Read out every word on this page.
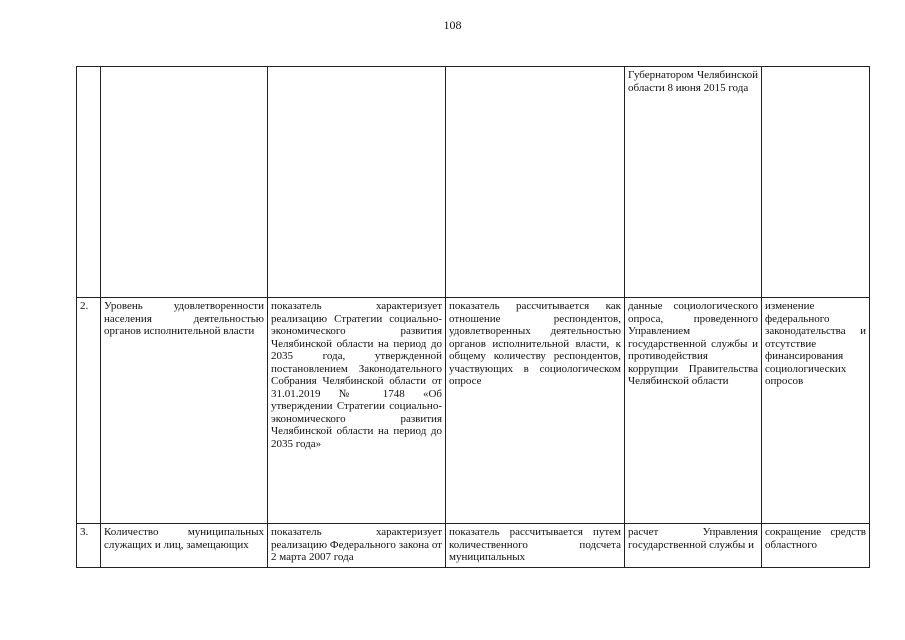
108
				Губернатором Челябинской области 8 июня 2015 года	
2.	Уровень удовлетворенности населения деятельностью органов исполнительной власти	показатель характеризует реализацию Стратегии социально-экономического развития Челябинской области на период до 2035 года, утвержденной постановлением Законодательного Собрания Челябинской области от 31.01.2019 № 1748 «Об утверждении Стратегии социально-экономического развития Челябинской области на период до 2035 года»	показатель рассчитывается как отношение респондентов, удовлетворенных деятельностью органов исполнительной власти, к общему количеству респондентов, участвующих в социологическом опросе	данные социологического опроса, проведенного Управлением государственной службы и противодействия коррупции Правительства Челябинской области	изменение федерального законодательства и отсутствие финансирования социологических опросов
3.	Количество муниципальных служащих и лиц, замещающих	показатель характеризует реализацию Федерального закона от 2 марта 2007 года	показатель рассчитывается путем количественного подсчета муниципальных	расчет Управления государственной службы и	сокращение средств областного
